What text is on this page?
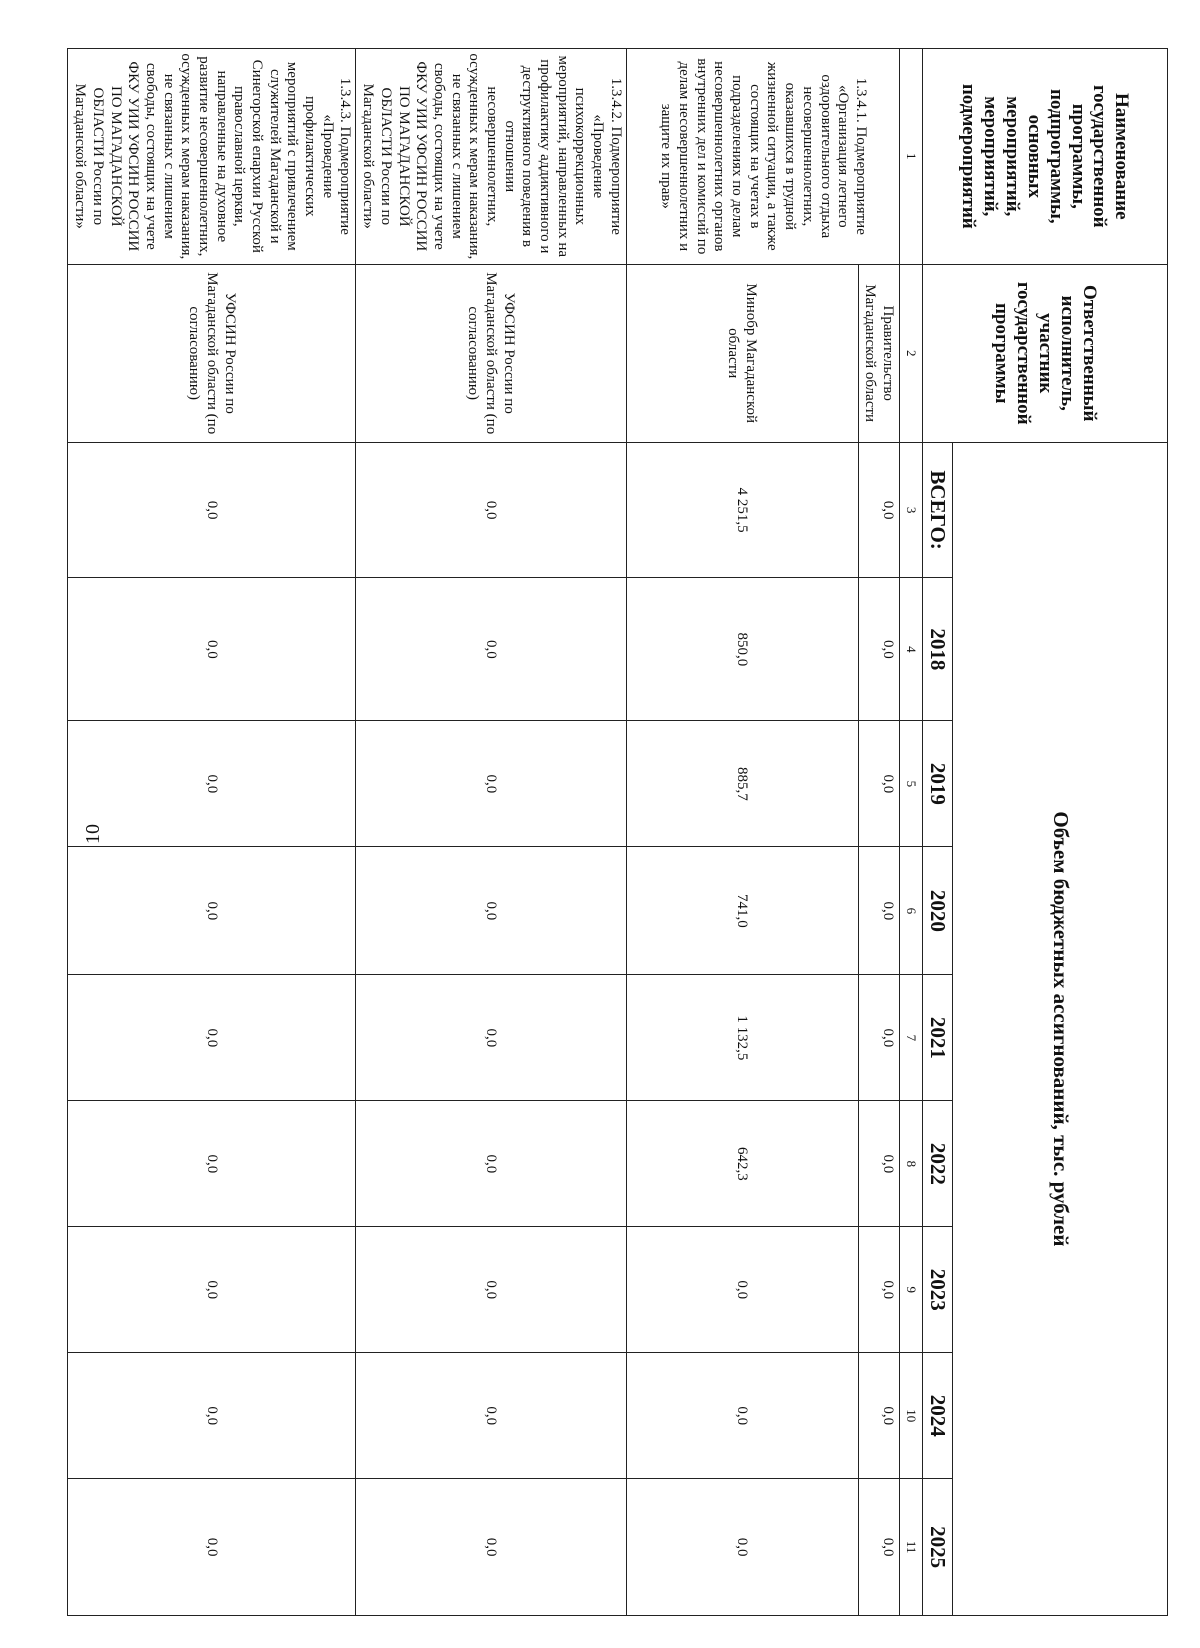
10
Наименование государственной программы, подпрограммы, основных мероприятий, мероприятий, подмероприятий	Ответственный исполнитель, участник государственной программы	Объем бюджетных ассигнований, тыс. рублей								
		ВСЕГО:	2018	2019	2020	2021	2022	2023	2024	2025
1	2	3	4	5	6	7	8	9	10	11
1.3.4.1. Подмероприятие «Организация летнего оздоровительного отдыха несовершеннолетних, оказавшихся в трудной жизненной ситуации, а также состоящих на учетах в подразделениях по делам несовершеннолетних органов внутренних дел и комиссий по делам несовершеннолетних и защите их прав»	Правительство Магаданской области	0,0	0,0	0,0	0,0	0,0	0,0	0,0	0,0	0,0
	Минобр Магаданской области	4 251,5	850,0	885,7	741,0	1 132,5	642,3	0,0	0,0	0,0
1.3.4.2. Подмероприятие «Проведение психокоррекционных мероприятий, направленных на профилактику аддиктивного и деструктивного поведения в отношении несовершеннолетних, осужденных к мерам наказания, не связанных с лишением свободы, состоящих на учете ФКУ УИИ УФСИН РОССИИ ПО МАГАДАНСКОЙ ОБЛАСТИ России по Магаданской области»	УФСИН России по Магаданской области (по согласованию)	0,0	0,0	0,0	0,0	0,0	0,0	0,0	0,0	0,0
1.3.4.3. Подмероприятие «Проведение профилактических мероприятий с привлечением служителей Магаданской и Синегорской епархии Русской православной церкви, направленные на духовное развитие несовершеннолетних, осужденных к мерам наказания, не связанных с лишением свободы, состоящих на учете ФКУ УИИ УФСИН РОССИИ ПО МАГАДАНСКОЙ ОБЛАСТИ России по Магаданской области»	УФСИН России по Магаданской области (по согласованию)	0,0	0,0	0,0	0,0	0,0	0,0	0,0	0,0	0,0
